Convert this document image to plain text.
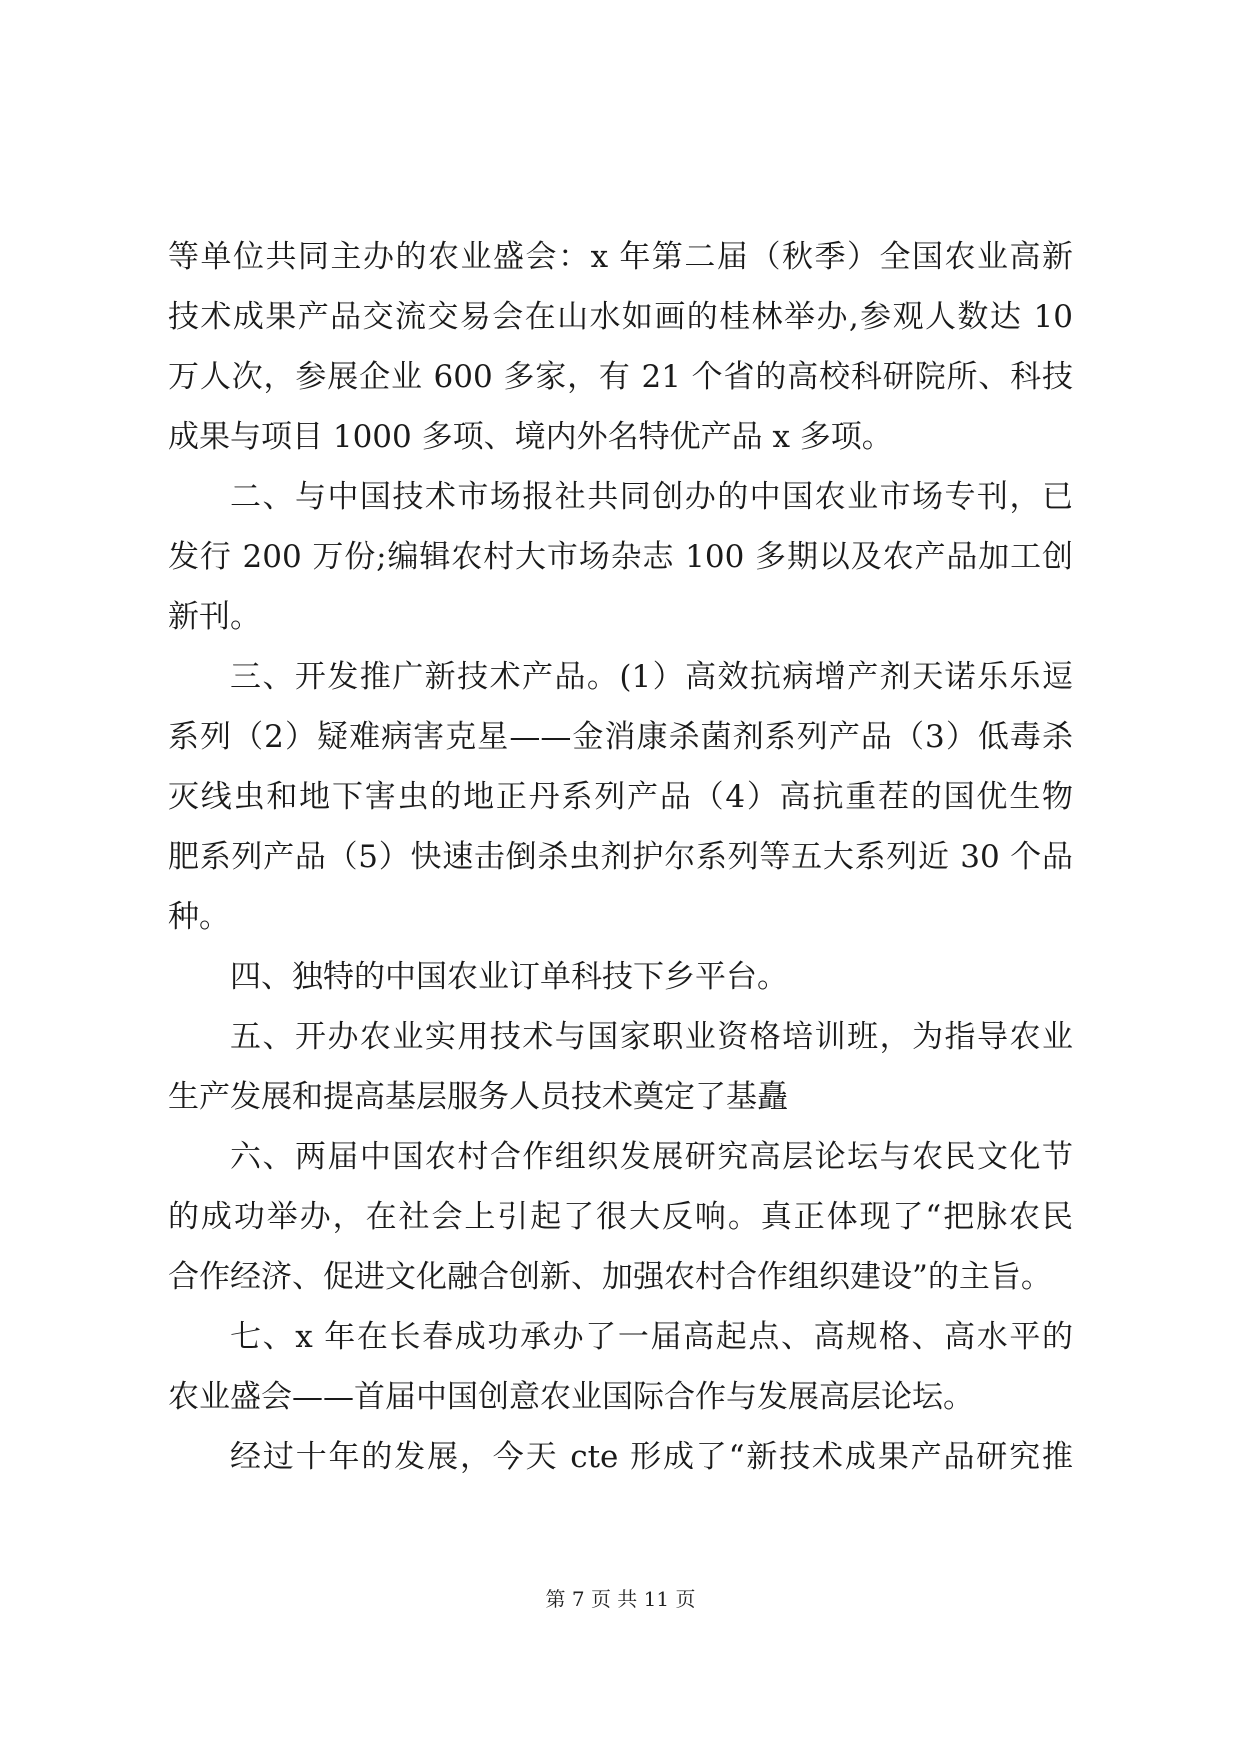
等单位共同主办的农业盛会：x 年第二届（秋季）全国农业高新
技术成果产品交流交易会在山水如画的桂林举办,参观人数达 10
万人次，参展企业 600 多家，有 21 个省的高校科研院所、科技
成果与项目 1000 多项、境内外名特优产品 x 多项。
二、与中国技术市场报社共同创办的中国农业市场专刊，已
发行 200 万份;编辑农村大市场杂志 100 多期以及农产品加工创
新刊。
三、开发推广新技术产品。(1）高效抗病增产剂天诺乐乐逗
系列（2）疑难病害克星——金消康杀菌剂系列产品（3）低毒杀
灭线虫和地下害虫的地正丹系列产品（4）高抗重茬的国优生物
肥系列产品（5）快速击倒杀虫剂护尔系列等五大系列近 30 个品
种。
四、独特的中国农业订单科技下乡平台。
五、开办农业实用技术与国家职业资格培训班，为指导农业
生产发展和提高基层服务人员技术奠定了基矗
六、两届中国农村合作组织发展研究高层论坛与农民文化节
的成功举办，在社会上引起了很大反响。真正体现了“把脉农民
合作经济、促进文化融合创新、加强农村合作组织建设”的主旨。
七、x 年在长春成功承办了一届高起点、高规格、高水平的
农业盛会——首届中国创意农业国际合作与发展高层论坛。
经过十年的发展，今天 cte 形成了“新技术成果产品研究推
第 7 页 共 11 页
